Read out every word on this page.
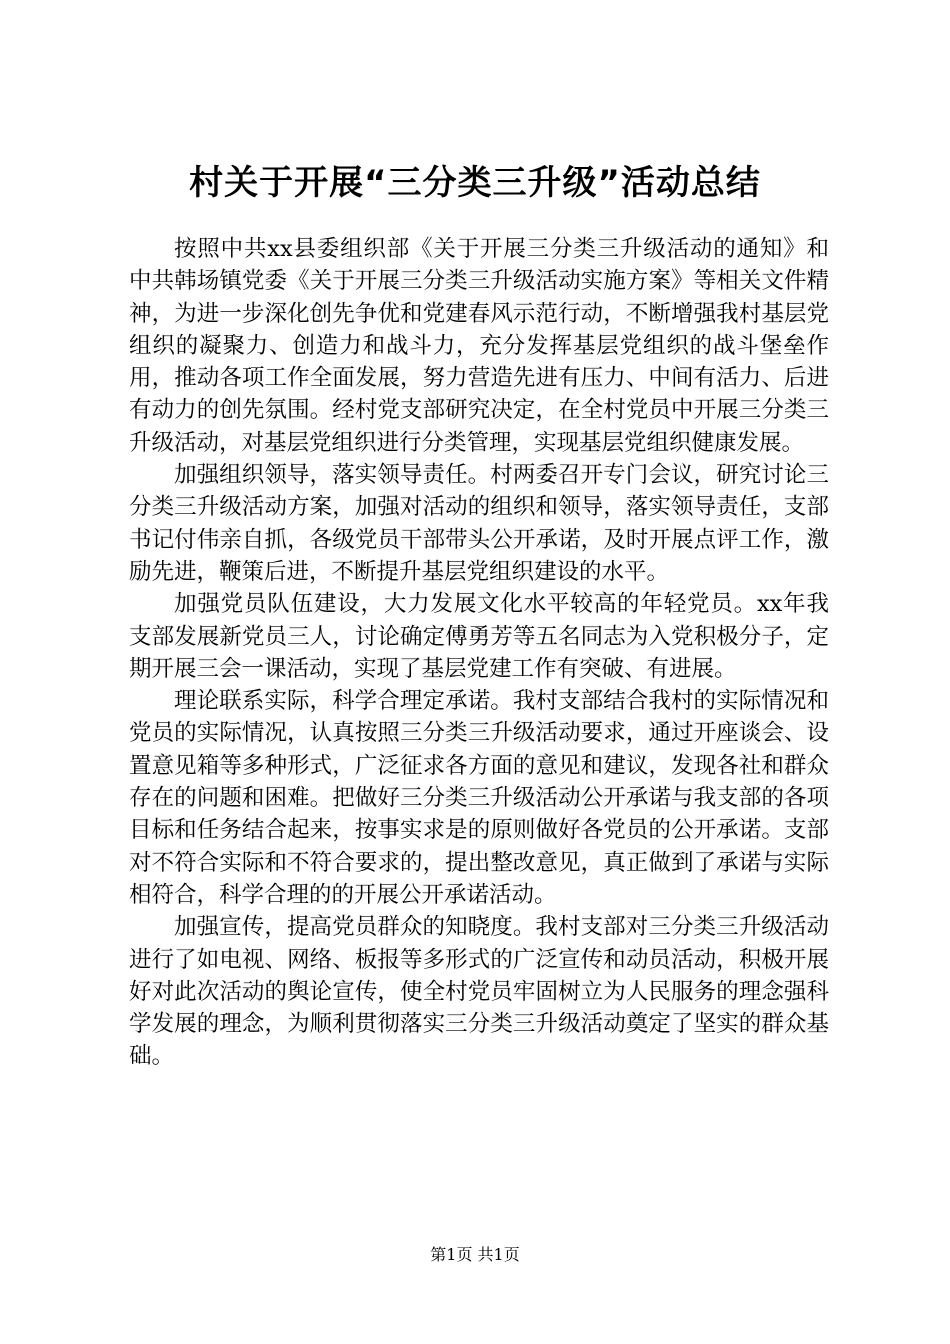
村关于开展“三分类三升级”活动总结

按照中共xx县委组织部《关于开展三分类三升级活动的通知》和中共韩场镇党委《关于开展三分类三升级活动实施方案》等相关文件精神，为进一步深化创先争优和党建春风示范行动，不断增强我村基层党组织的凝聚力、创造力和战斗力，充分发挥基层党组织的战斗堡垒作用，推动各项工作全面发展，努力营造先进有压力、中间有活力、后进有动力的创先氛围。经村党支部研究决定，在全村党员中开展三分类三升级活动，对基层党组织进行分类管理，实现基层党组织健康发展。

加强组织领导，落实领导责任。村两委召开专门会议，研究讨论三分类三升级活动方案，加强对活动的组织和领导，落实领导责任，支部书记付伟亲自抓，各级党员干部带头公开承诺，及时开展点评工作，激励先进，鞭策后进，不断提升基层党组织建设的水平。

加强党员队伍建设，大力发展文化水平较高的年轻党员。xx年我支部发展新党员三人，讨论确定傅勇芳等五名同志为入党积极分子，定期开展三会一课活动，实现了基层党建工作有突破、有进展。

理论联系实际，科学合理定承诺。我村支部结合我村的实际情况和党员的实际情况，认真按照三分类三升级活动要求，通过开座谈会、设置意见箱等多种形式，广泛征求各方面的意见和建议，发现各社和群众存在的问题和困难。把做好三分类三升级活动公开承诺与我支部的各项目标和任务结合起来，按事实求是的原则做好各党员的公开承诺。支部对不符合实际和不符合要求的，提出整改意见，真正做到了承诺与实际相符合，科学合理的的开展公开承诺活动。

加强宣传，提高党员群众的知晓度。我村支部对三分类三升级活动进行了如电视、网络、板报等多形式的广泛宣传和动员活动，积极开展好对此次活动的舆论宣传，使全村党员牢固树立为人民服务的理念强科学发展的理念，为顺利贯彻落实三分类三升级活动奠定了坚实的群众基础。

第1页 共1页
